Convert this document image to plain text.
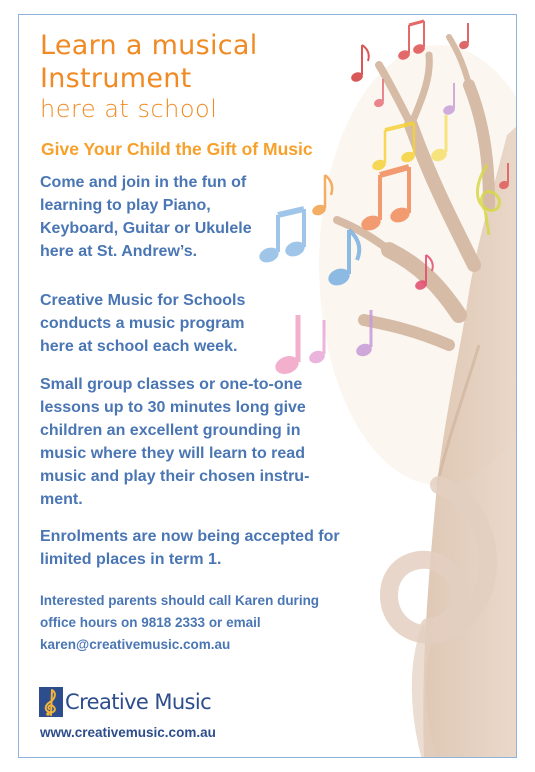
Learn a musical
Instrument
here at school

Give Your Child the Gift of Music

Come and join in the fun of
learning to play Piano,
Keyboard, Guitar or Ukulele
here at St. Andrew’s.

Creative Music for Schools
conducts a music program
here at school each week.

Small group classes or one-to-one
lessons up to 30 minutes long give
children an excellent grounding in
music where they will learn to read
music and play their chosen instru-
ment.

Enrolments are now being accepted for
limited places in term 1.

Interested parents should call Karen during
office hours on 9818 2333 or email
karen@creativemusic.com.au

Creative Music

www.creativemusic.com.au
